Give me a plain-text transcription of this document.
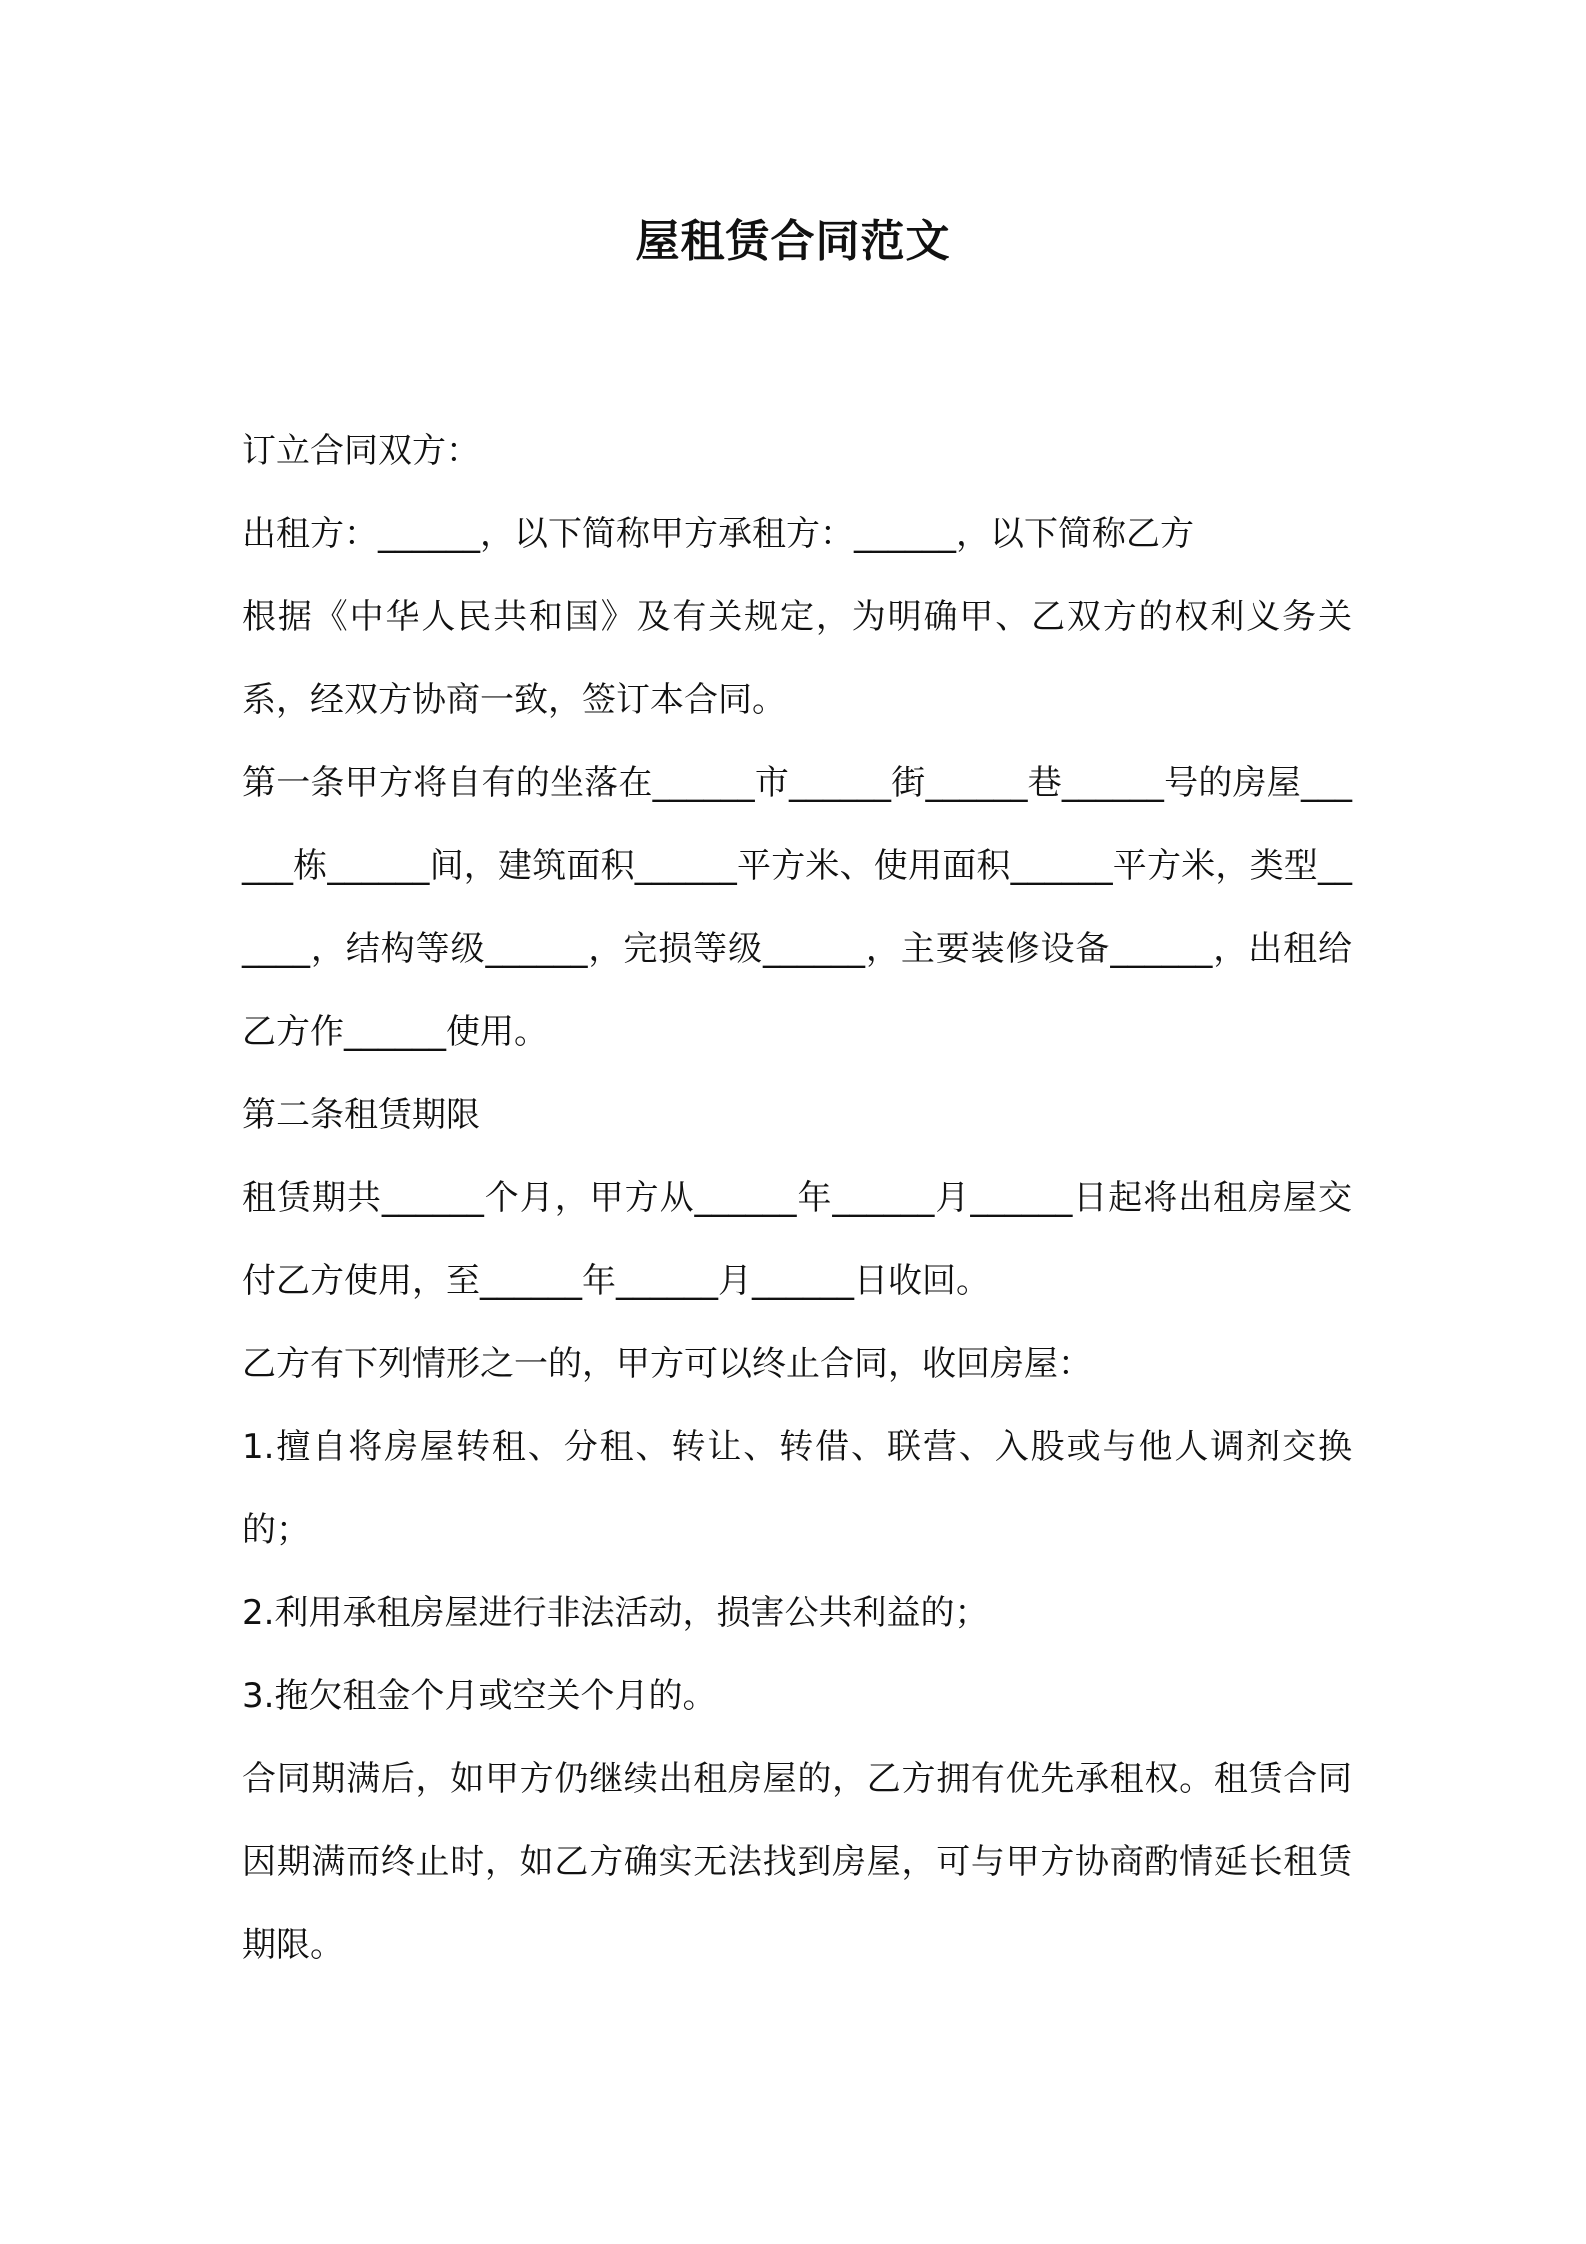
屋租赁合同范文

订立合同双方：

出租方：______，以下简称甲方承租方：______，以下简称乙方

根据《中华人民共和国》及有关规定，为明确甲、乙双方的权利义务关系，经双方协商一致，签订本合同。

第一条甲方将自有的坐落在______市______街______巷______号的房屋______栋______间，建筑面积______平方米、使用面积______平方米，类型______，结构等级______，完损等级______，主要装修设备______，出租给乙方作______使用。

第二条租赁期限

租赁期共______个月，甲方从______年______月______日起将出租房屋交付乙方使用，至______年______月______日收回。

乙方有下列情形之一的，甲方可以终止合同，收回房屋：

1.擅自将房屋转租、分租、转让、转借、联营、入股或与他人调剂交换的；

2.利用承租房屋进行非法活动，损害公共利益的；

3.拖欠租金个月或空关个月的。

合同期满后，如甲方仍继续出租房屋的，乙方拥有优先承租权。租赁合同因期满而终止时，如乙方确实无法找到房屋，可与甲方协商酌情延长租赁期限。
